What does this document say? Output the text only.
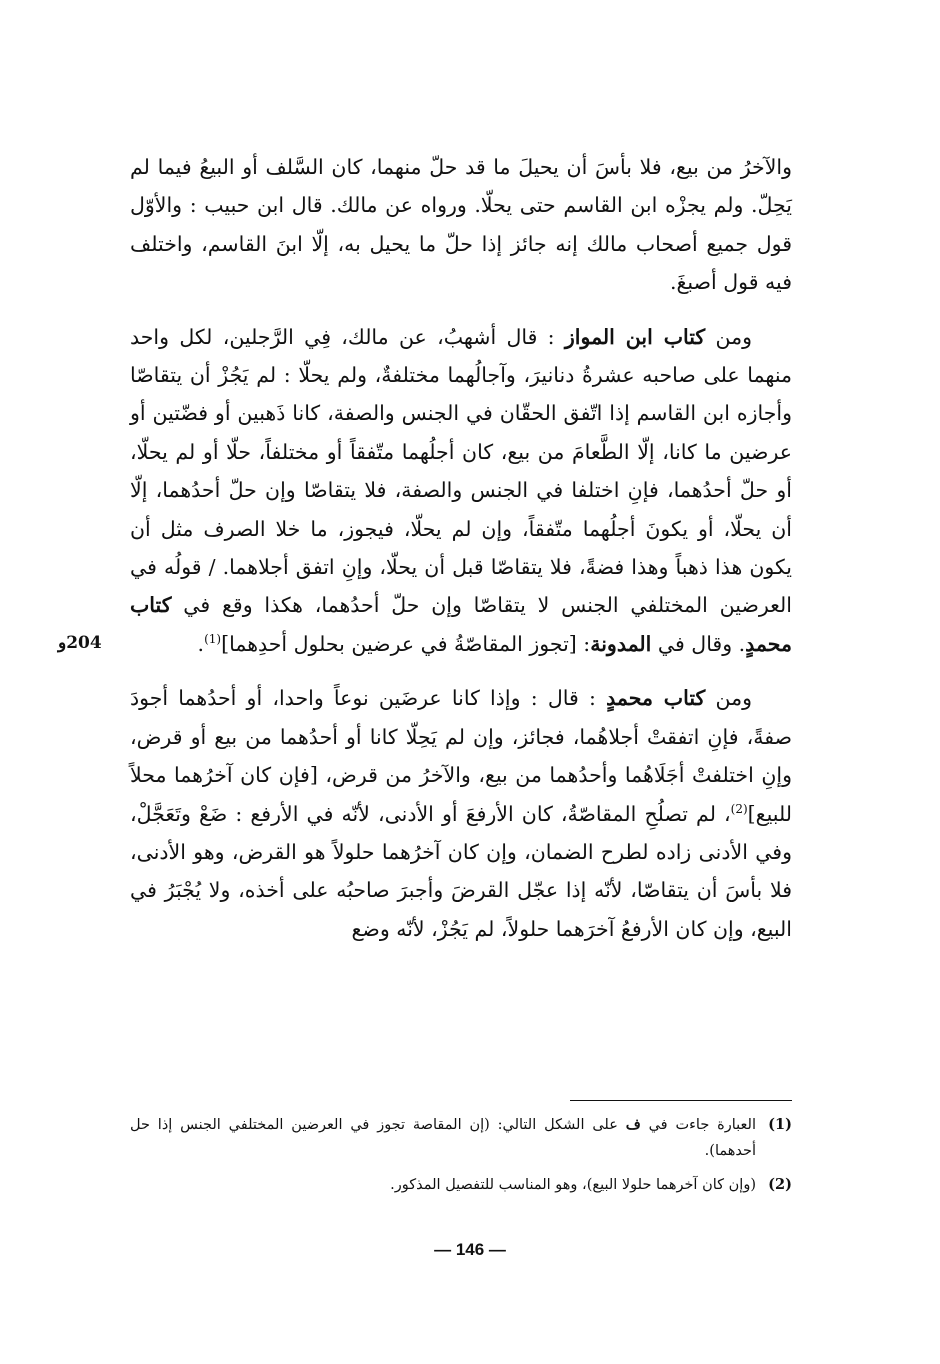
والآخرُ من بيع، فلا بأسَ أن يحيلَ ما قد حلّ منهما، كان السَّلف أو البيعُ فيما لم يَحِلّ. ولم يجزْه ابن القاسم حتى يحلّا. ورواه عن مالك. قال ابن حبيب : والأوّل قول جميع أصحاب مالك إنه جائز إذا حلّ ما يحيل به، إلّا ابنَ القاسم، واختلف فيه قول أصبغَ.

ومن كتاب ابن المواز : قال أشهبُ، عن مالك، فِي الرَّجلين، لكل واحد منهما على صاحبه عشرةُ دنانيرَ، وآجالُهما مختلفةٌ، ولم يحلّا : لم يَجُزْ أن يتقاصّا وأجازه ابن القاسم إذا اتّفق الحقّان في الجنس والصفة، كانا ذَهبين أو فضّتين أو عرضين ما كانا، إلّا الطَّعامَ من بيع، كان أجلُهما متّفقاً أو مختلفاً، حلّا أو لم يحلّا، أو حلّ أحدُهما، فإنِ اختلفا في الجنس والصفة، فلا يتقاصّا وإن حلّ أحدُهما، إلّا أن يحلّا، أو يكونَ أجلُهما متّفقاً، وإن لم يحلّا، فيجوز، ما خلا الصرف مثل أن يكون هذا ذهباً وهذا فضةً، فلا يتقاصّا قبل أن يحلّا، وإنِ اتفق أجلاهما. / قولُه في العرضين المختلفي الجنس لا يتقاصّا وإن حلّ أحدُهما، هكذا وقع في كتاب محمدٍ. وقال في المدونة: [تجوز المقاصّةُ في عرضين بحلول أحدِهما]$^{(1)}$.

ومن كتاب محمدٍ : قال : وإذا كانا عرضَين نوعاً واحدا، أو أحدُهما أجودَ صفةً، فإنِ اتفقتْ أجلاهُما، فجائز، وإن لم يَحِلّا كانا أو أحدُهما من بيع أو قرض، وإنِ اختلفتْ أجَلَاهُما وأحدُهما من بيع، والآخرُ من قرض، [فإن كان آخرُهما محلاً للبيع]$^{(2)}$، لم تصلُحِ المقاصّةُ، كان الأرفعَ أو الأدنى، لأنّه في الأرفع : ضَعْ وتَعَجَّلْ، وفي الأدنى زاده لطرح الضمان، وإن كان آخرُهما حلولاً هو القرض، وهو الأدنى، فلا بأسَ أن يتقاصّا، لأنّه إذا عجّل القرضَ وأجبرَ صاحبُه على أخذه، ولا يُجْبَرُ في البيع، وإن كان الأرفعُ آخرَهما حلولاً، لم يَجُزْ، لأنّه وضع

204و
(1)
العبارة جاءت في ف على الشكل التالي: (إن المقاصة تجوز في العرضين المختلفي الجنس إذا حل أحدهما).
(2)
(وإن كان آخرهما حلولا البيع)، وهو المناسب للتفصيل المذكور.
— 146 —
